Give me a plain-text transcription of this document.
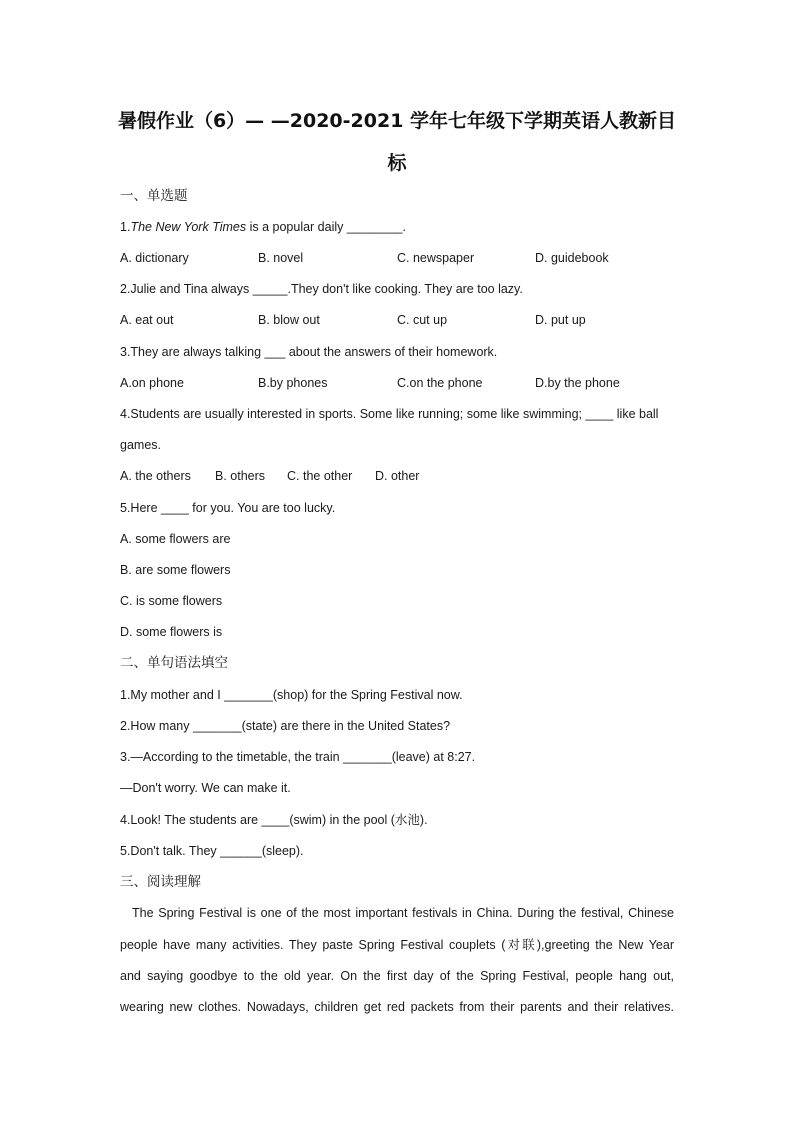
暑假作业（6）— —2020-2021 学年七年级下学期英语人教新目
标
一、单选题
1.The New York Times is a popular daily ________.
A. dictionary	B. novel	C. newspaper	D. guidebook
2.Julie and Tina always _____.They don't like cooking. They are too lazy.
A. eat out	B. blow out	C. cut up	D. put up
3.They are always talking ___ about the answers of their homework.
A.on phone	B.by phones	C.on the phone	D.by the phone
4.Students are usually interested in sports. Some like running; some like swimming; ____ like ball
games.
A. the others B. others C. the other D. other
5.Here ____ for you. You are too lucky.
A. some flowers are
B. are some flowers
C. is some flowers
D. some flowers is
二、单句语法填空
1.My mother and I _______(shop) for the Spring Festival now.
2.How many _______(state) are there in the United States?
3.—According to the timetable, the train _______(leave) at 8:27.
—Don't worry. We can make it.
4.Look! The students are ____(swim) in the pool (水池).
5.Don't talk. They ______(sleep).
三、阅读理解
The Spring Festival is one of the most important festivals in China. During the festival, Chinese
people have many activities. They paste Spring Festival couplets (对联),greeting the New Year
and saying goodbye to the old year. On the first day of the Spring Festival, people hang out,
wearing new clothes. Nowadays, children get red packets from their parents and their relatives.
